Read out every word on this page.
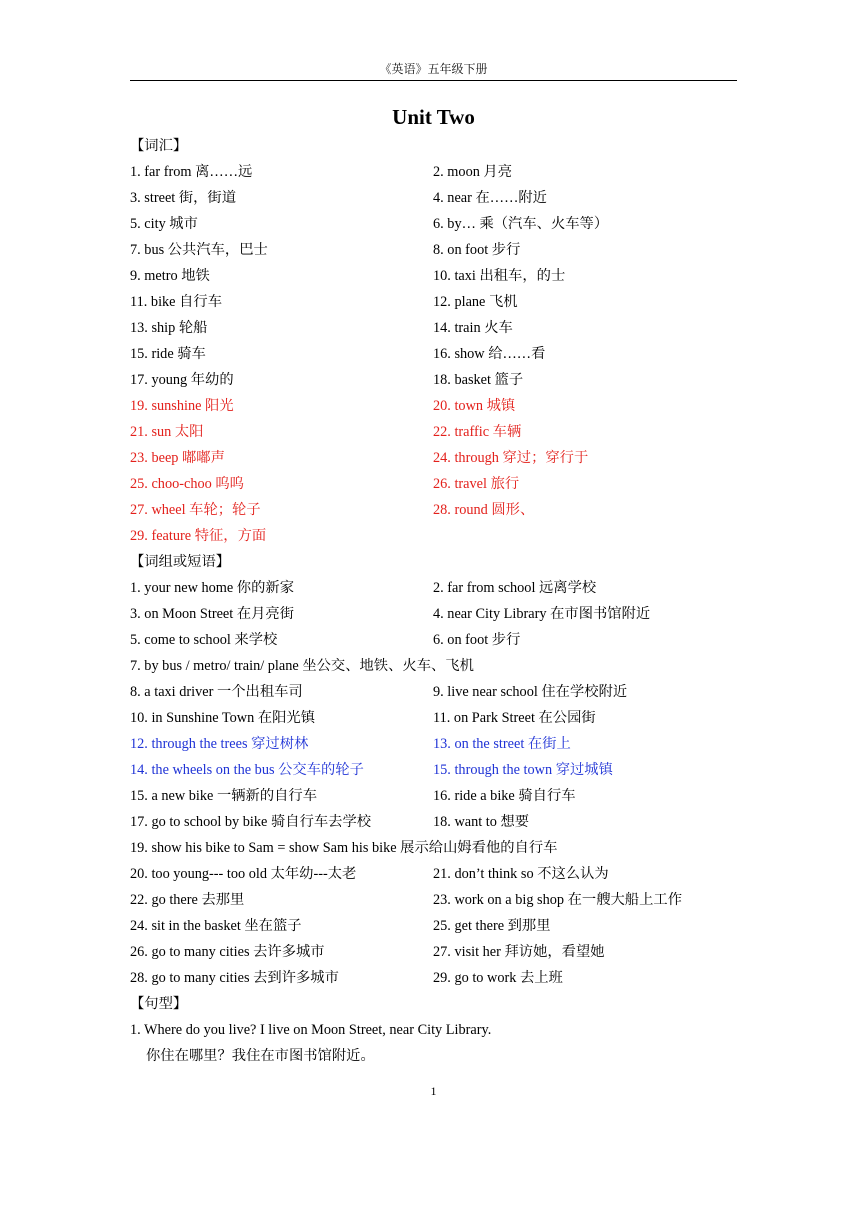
《英语》五年级下册
Unit Two
【词汇】
1. far from 离……远	2. moon 月亮
3. street 街，街道	4. near 在……附近
5. city 城市	6. by… 乘（汽车、火车等）
7. bus 公共汽车，巴士	8. on foot 步行
9. metro 地铁	10. taxi 出租车，的士
11. bike 自行车	12. plane 飞机
13. ship 轮船	14. train 火车
15. ride 骑车	16. show 给……看
17. young 年幼的	18. basket 篮子
19. sunshine 阳光	20. town 城镇
21. sun 太阳	22. traffic 车辆
23. beep 嘟嘟声	24. through 穿过；穿行于
25. choo-choo 呜呜	26. travel 旅行
27. wheel 车轮；轮子	28. round 圆形、
29. feature 特征，方面
【词组或短语】
1. your new home 你的新家	2. far from school 远离学校
3. on Moon Street 在月亮街	4. near City Library 在市图书馆附近
5. come to school 来学校	6. on foot 步行
7. by bus / metro/ train/ plane 坐公交、地铁、火车、飞机
8. a taxi driver 一个出租车司	9. live near school 住在学校附近
10. in Sunshine Town 在阳光镇	11. on Park Street 在公园街
12. through the trees 穿过树林	13. on the street 在街上
14. the wheels on the bus 公交车的轮子	15. through the town 穿过城镇
15. a new bike 一辆新的自行车	16. ride a bike 骑自行车
17. go to school by bike 骑自行车去学校	18. want to 想要
19. show his bike to Sam = show Sam his bike 展示给山姆看他的自行车
20. too young--- too old 太年幼---太老	21. don’t think so 不这么认为
22. go there 去那里	23. work on a big shop 在一艘大船上工作
24. sit in the basket 坐在篮子	25. get there 到那里
26. go to many cities 去许多城市	27. visit her 拜访她，看望她
28. go to many cities 去到许多城市	29. go to work 去上班
【句型】
1. Where do you live? I live on Moon Street, near City Library.
你住在哪里？我住在市图书馆附近。
1
